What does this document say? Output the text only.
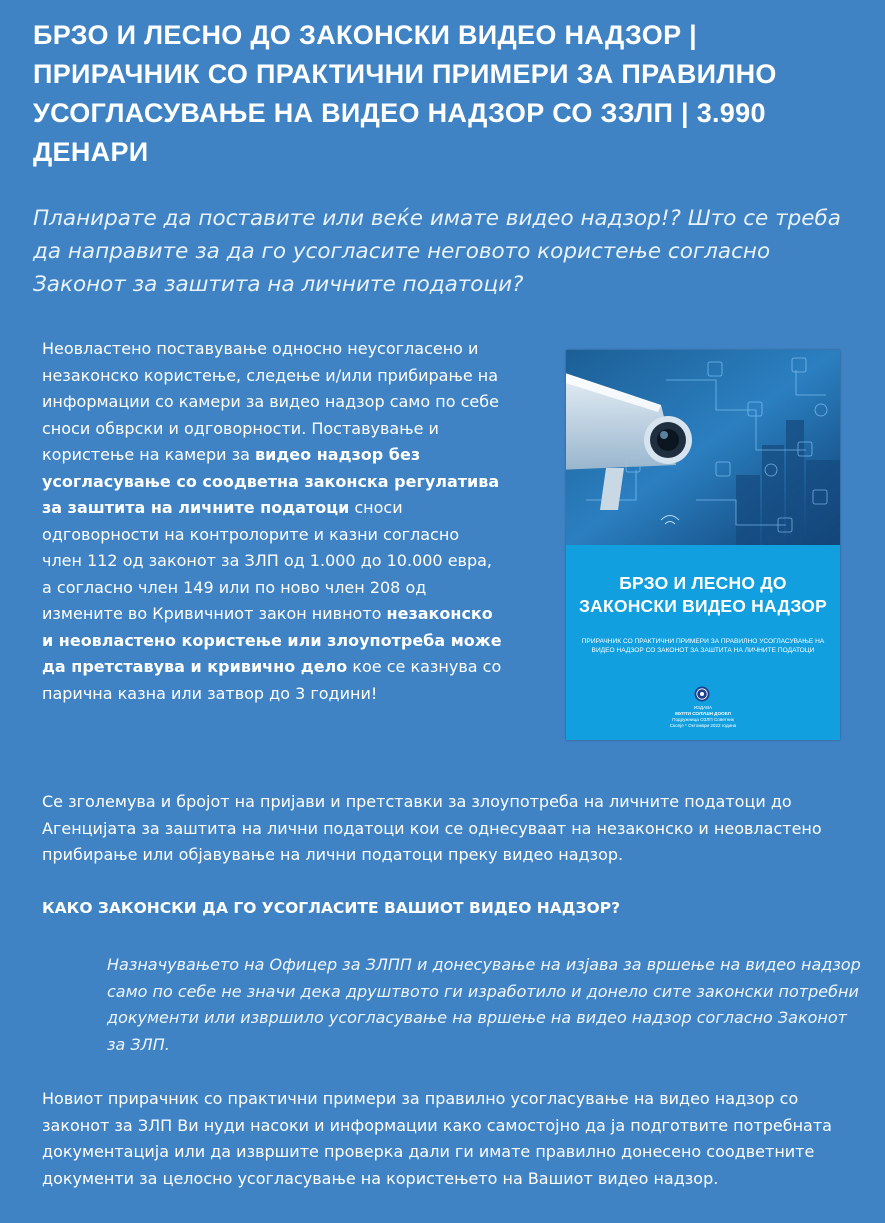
БРЗО И ЛЕСНО ДО ЗАКОНСКИ ВИДЕО НАДЗОР | ПРИРАЧНИК СО ПРАКТИЧНИ ПРИМЕРИ ЗА ПРАВИЛНО УСОГЛАСУВАЊЕ НА ВИДЕО НАДЗОР СО ЗЗЛП | 3.990 ДЕНАРИ

Планирате да поставите или веќе имате видео надзор!? Што се треба да направите за да го усогласите неговото користење согласно Законот за заштита на личните податоци?

Неовластено поставување односно неусогласено и незаконско користење, следење и/или прибирање на информации со камери за видео надзор само по себе сноси обврски и одговорности. Поставување и користење на камери за видео надзор без усогласување со соодветна законска регулатива за заштита на личните податоци сноси одговорности на контролорите и казни согласно член 112 од законот за ЗЛП од 1.000 до 10.000 евра, а согласно член 149 или по ново член 208 од измените во Кривичниот закон нивното незаконско и неовластено користење или злоупотреба може да претставува и кривично дело кое се казнува со парична казна или затвор до 3 години!

БРЗО И ЛЕСНО ДО
ЗАКОНСКИ ВИДЕО НАДЗОР
ПРИРАЧНИК СО ПРАКТИЧНИ ПРИМЕРИ ЗА ПРАВИЛНО УСОГЛАСУВАЊЕ НА ВИДЕО НАДЗОР СО ЗАКОНОТ ЗА ЗАШТИТА НА ЛИЧНИТЕ ПОДАТОЦИ
ИЗДАВА
МУЛТИ СОЛУШН ДООЕЛ
Подружница ОЗЛП Советник
Скопје * Октомври 2022 година

Се зголемува и бројот на пријави и претставки за злоупотреба на личните податоци до Агенцијата за заштита на лични податоци кои се однесуваат на незаконско и неовластено прибирање или објавување на лични податоци преку видео надзор.

КАКО ЗАКОНСКИ ДА ГО УСОГЛАСИТЕ ВАШИОТ ВИДЕО НАДЗОР?

Назначувањето на Офицер за ЗЛПП и донесување на изјава за вршење на видео надзор само по себе не значи дека друштвото ги изработило и донело сите законски потребни документи или извршило усогласување на вршење на видео надзор согласно Законот за ЗЛП.

Новиот прирачник со практични примери за правилно усогласување на видео надзор со законот за ЗЛП Ви нуди насоки и информации како самостојно да ја подготвите потребната документација или да извршите проверка дали ги имате правилно донесено соодветните документи за целосно усогласување на користењето на Вашиот видео надзор.
